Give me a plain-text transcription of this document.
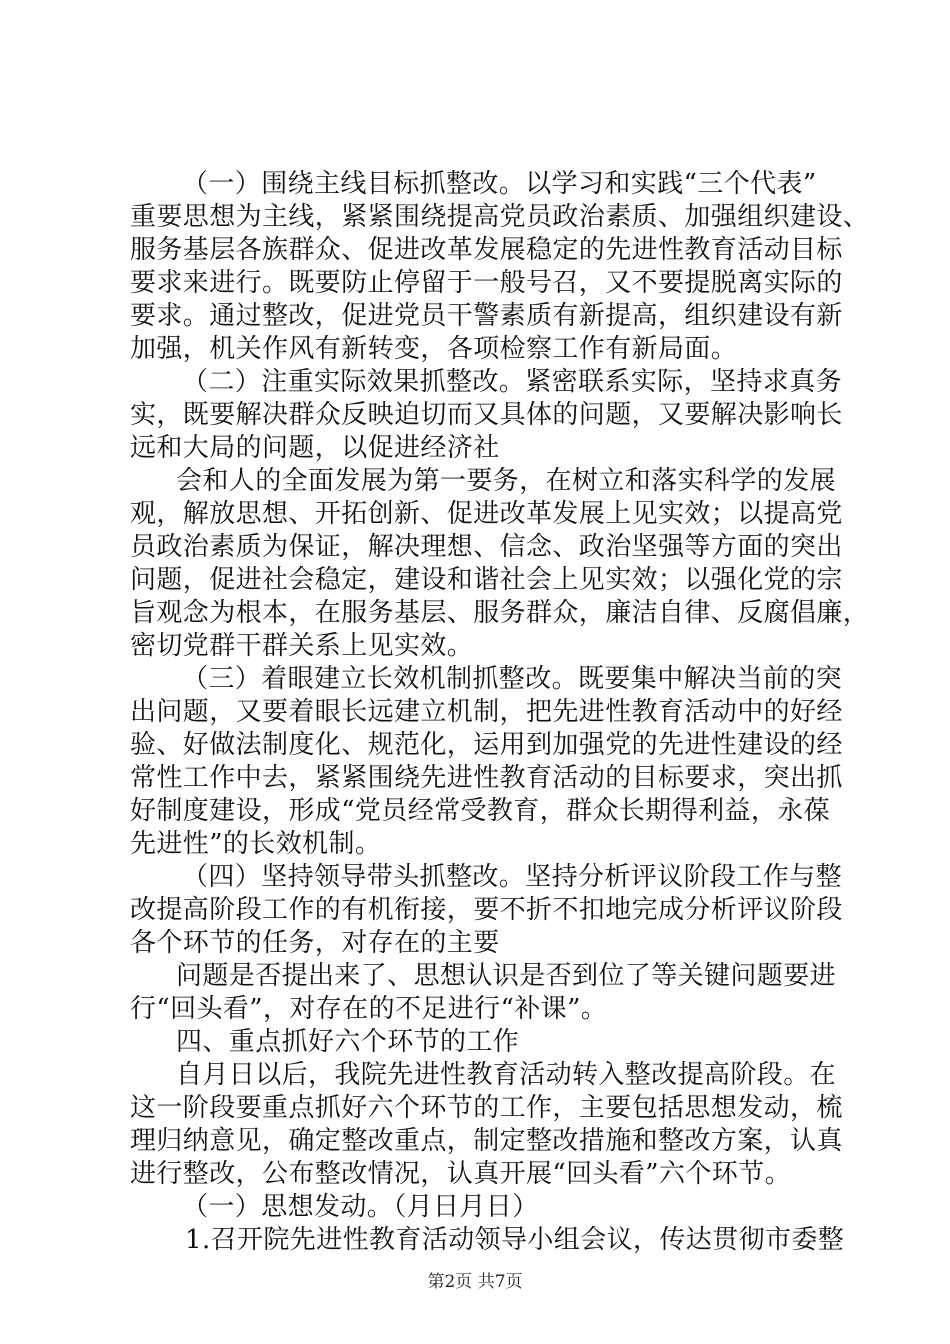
（一）围绕主线目标抓整改。以学习和实践“三个代表”
重要思想为主线，紧紧围绕提高党员政治素质、加强组织建设、
服务基层各族群众、促进改革发展稳定的先进性教育活动目标
要求来进行。既要防止停留于一般号召，又不要提脱离实际的
要求。通过整改，促进党员干警素质有新提高，组织建设有新
加强，机关作风有新转变，各项检察工作有新局面。
（二）注重实际效果抓整改。紧密联系实际，坚持求真务
实，既要解决群众反映迫切而又具体的问题，又要解决影响长
远和大局的问题，以促进经济社
会和人的全面发展为第一要务，在树立和落实科学的发展
观，解放思想、开拓创新、促进改革发展上见实效；以提高党
员政治素质为保证，解决理想、信念、政治坚强等方面的突出
问题，促进社会稳定，建设和谐社会上见实效；以强化党的宗
旨观念为根本，在服务基层、服务群众，廉洁自律、反腐倡廉，
密切党群干群关系上见实效。
（三）着眼建立长效机制抓整改。既要集中解决当前的突
出问题，又要着眼长远建立机制，把先进性教育活动中的好经
验、好做法制度化、规范化，运用到加强党的先进性建设的经
常性工作中去，紧紧围绕先进性教育活动的目标要求，突出抓
好制度建设，形成“党员经常受教育，群众长期得利益，永葆
先进性”的长效机制。
（四）坚持领导带头抓整改。坚持分析评议阶段工作与整
改提高阶段工作的有机衔接，要不折不扣地完成分析评议阶段
各个环节的任务，对存在的主要
问题是否提出来了、思想认识是否到位了等关键问题要进
行“回头看”，对存在的不足进行“补课”。
四、重点抓好六个环节的工作
自月日以后，我院先进性教育活动转入整改提高阶段。在
这一阶段要重点抓好六个环节的工作，主要包括思想发动，梳
理归纳意见，确定整改重点，制定整改措施和整改方案，认真
进行整改，公布整改情况，认真开展“回头看”六个环节。
（一）思想发动。（月日月日）
1.召开院先进性教育活动领导小组会议，传达贯彻市委整
第2页 共7页
